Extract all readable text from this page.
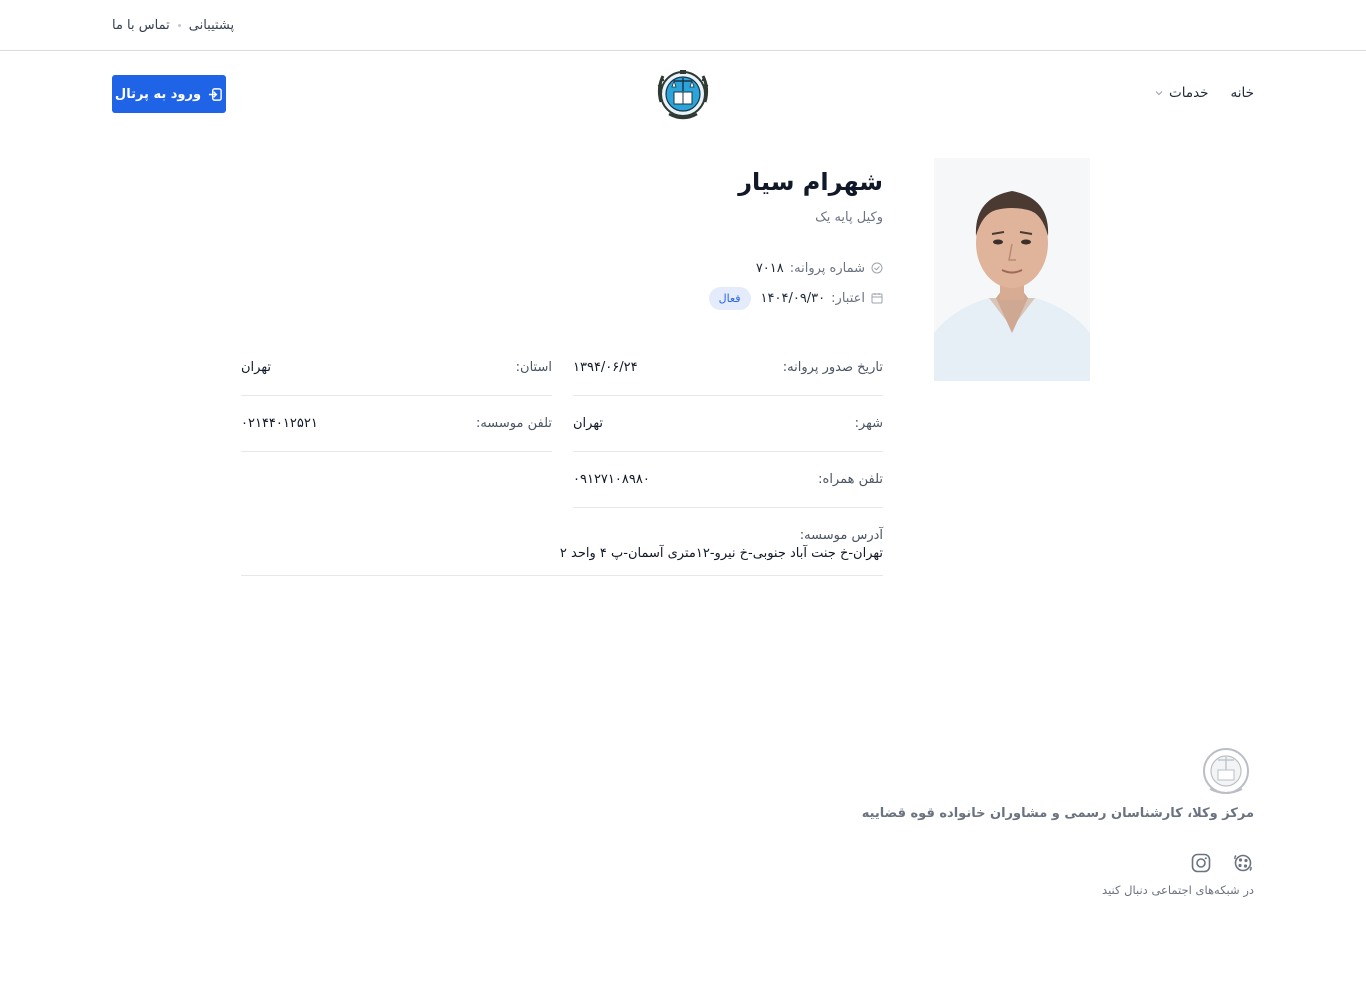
تماس با ما پشتیبانی
خانه
خدمات
ورود به پرتال
شهرام سیار
وکیل پایه یک
شماره پروانه:
۷۰۱۸
اعتبار:
۱۴۰۴/۰۹/۳۰
فعال
تاریخ صدور پروانه:
۱۳۹۴/۰۶/۲۴
استان:
تهران
شهر:
تهران
تلفن موسسه:
۰۲۱۴۴۰۱۲۵۲۱
تلفن همراه:
۰۹۱۲۷۱۰۸۹۸۰
آدرس موسسه:
تهران-خ جنت آباد جنوبی-خ نیرو-۱۲متری آسمان-پ ۴ واحد ۲
مرکز وکلا، کارشناسان رسمی و مشاوران خانواده قوه قضاییه
در شبکه‌های اجتماعی دنبال کنید
